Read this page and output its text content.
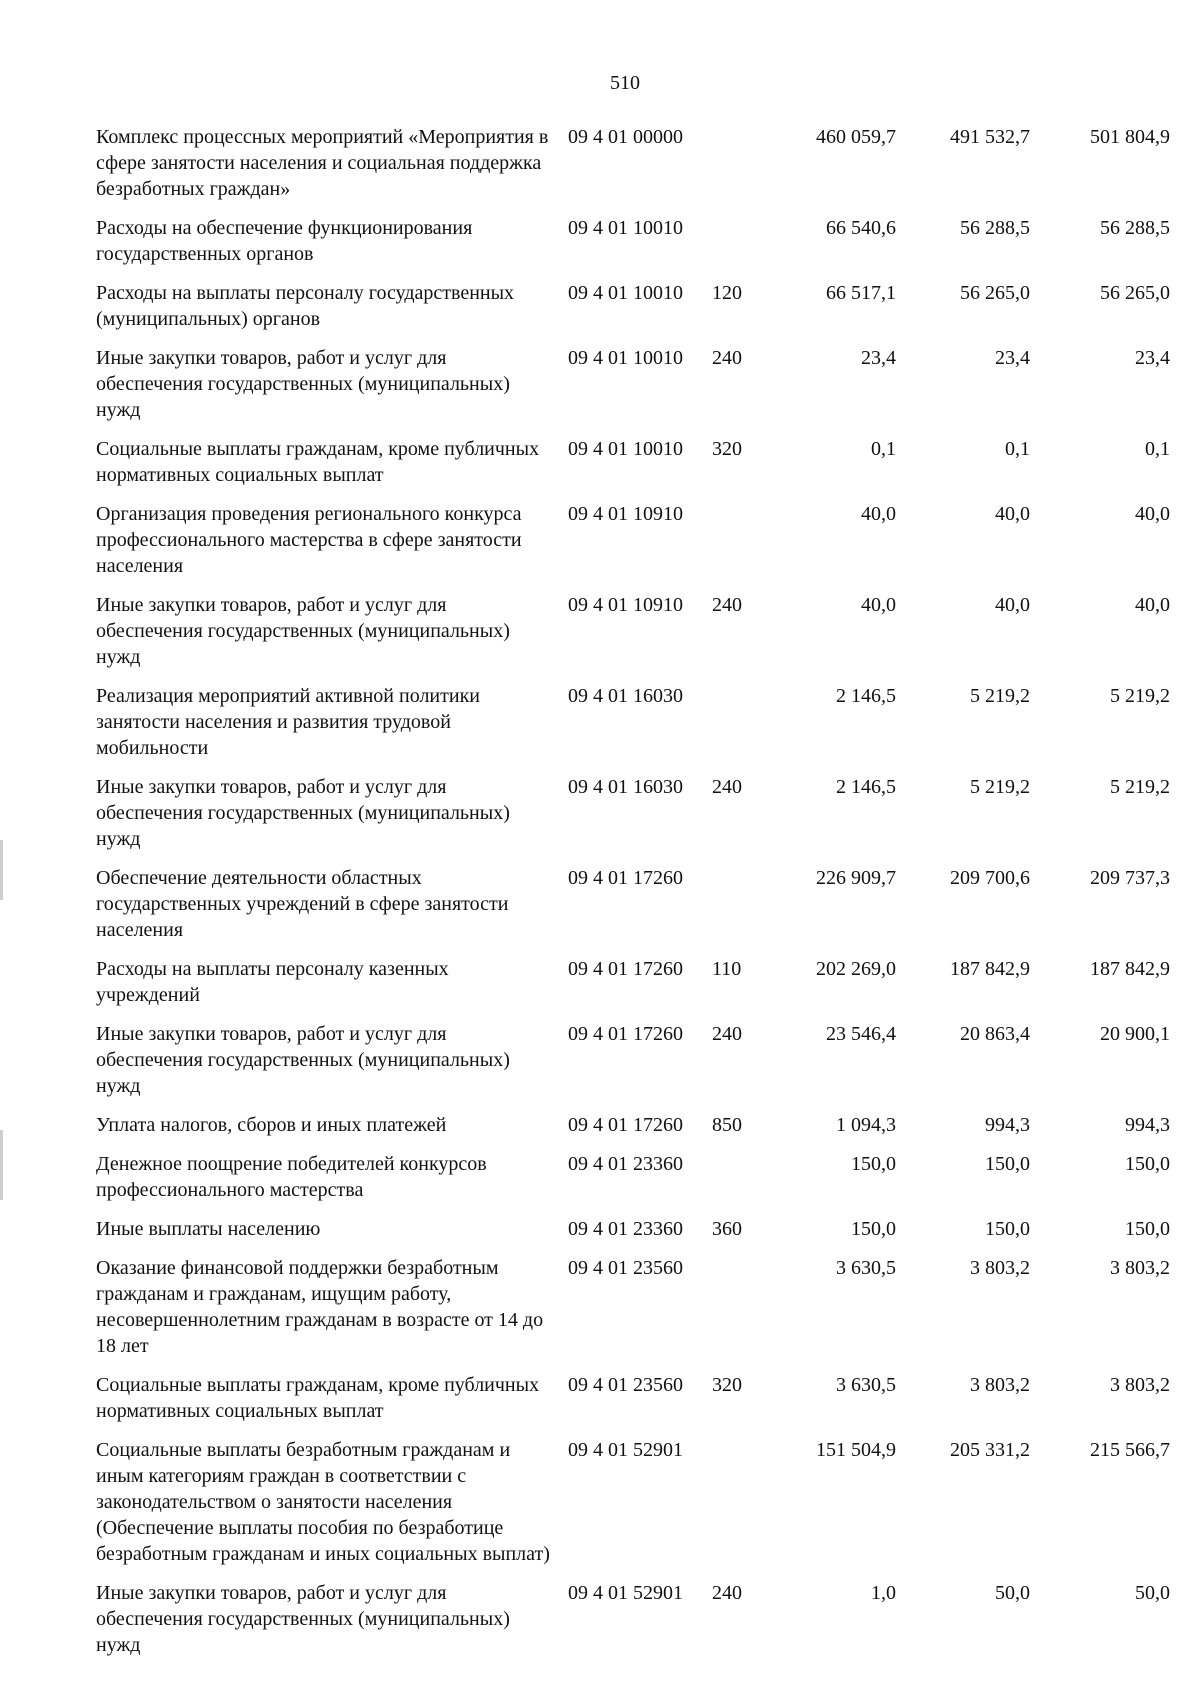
510
Комплекс процессных мероприятий «Мероприятия в сфере занятости населения и социальная поддержка безработных граждан»
09 4 01 00000	460 059,7	491 532,7	501 804,9
Расходы на обеспечение функционирования государственных органов
09 4 01 10010	66 540,6	56 288,5	56 288,5
Расходы на выплаты персоналу государственных (муниципальных) органов
09 4 01 10010 120	66 517,1	56 265,0	56 265,0
Иные закупки товаров, работ и услуг для обеспечения государственных (муниципальных) нужд
09 4 01 10010 240	23,4	23,4	23,4
Социальные выплаты гражданам, кроме публичных нормативных социальных выплат
09 4 01 10010 320	0,1	0,1	0,1
Организация проведения регионального конкурса профессионального мастерства в сфере занятости населения
09 4 01 10910	40,0	40,0	40,0
Иные закупки товаров, работ и услуг для обеспечения государственных (муниципальных) нужд
09 4 01 10910 240	40,0	40,0	40,0
Реализация мероприятий активной политики занятости населения и развития трудовой мобильности
09 4 01 16030	2 146,5	5 219,2	5 219,2
Иные закупки товаров, работ и услуг для обеспечения государственных (муниципальных) нужд
09 4 01 16030 240	2 146,5	5 219,2	5 219,2
Обеспечение деятельности областных государственных учреждений в сфере занятости населения
09 4 01 17260	226 909,7	209 700,6	209 737,3
Расходы на выплаты персоналу казенных учреждений
09 4 01 17260 110	202 269,0	187 842,9	187 842,9
Иные закупки товаров, работ и услуг для обеспечения государственных (муниципальных) нужд
09 4 01 17260 240	23 546,4	20 863,4	20 900,1
Уплата налогов, сборов и иных платежей	09 4 01 17260 850	1 094,3	994,3	994,3
Денежное поощрение победителей конкурсов профессионального мастерства
09 4 01 23360	150,0	150,0	150,0
Иные выплаты населению	09 4 01 23360 360	150,0	150,0	150,0
Оказание финансовой поддержки безработным гражданам и гражданам, ищущим работу, несовершеннолетним гражданам в возрасте от 14 до 18 лет
09 4 01 23560	3 630,5	3 803,2	3 803,2
Социальные выплаты гражданам, кроме публичных нормативных социальных выплат
09 4 01 23560 320	3 630,5	3 803,2	3 803,2
Социальные выплаты безработным гражданам и иным категориям граждан в соответствии с законодательством о занятости населения (Обеспечение выплаты пособия по безработице безработным гражданам и иных социальных выплат)
09 4 01 52901	151 504,9	205 331,2	215 566,7
Иные закупки товаров, работ и услуг для обеспечения государственных (муниципальных) нужд
09 4 01 52901 240	1,0	50,0	50,0
